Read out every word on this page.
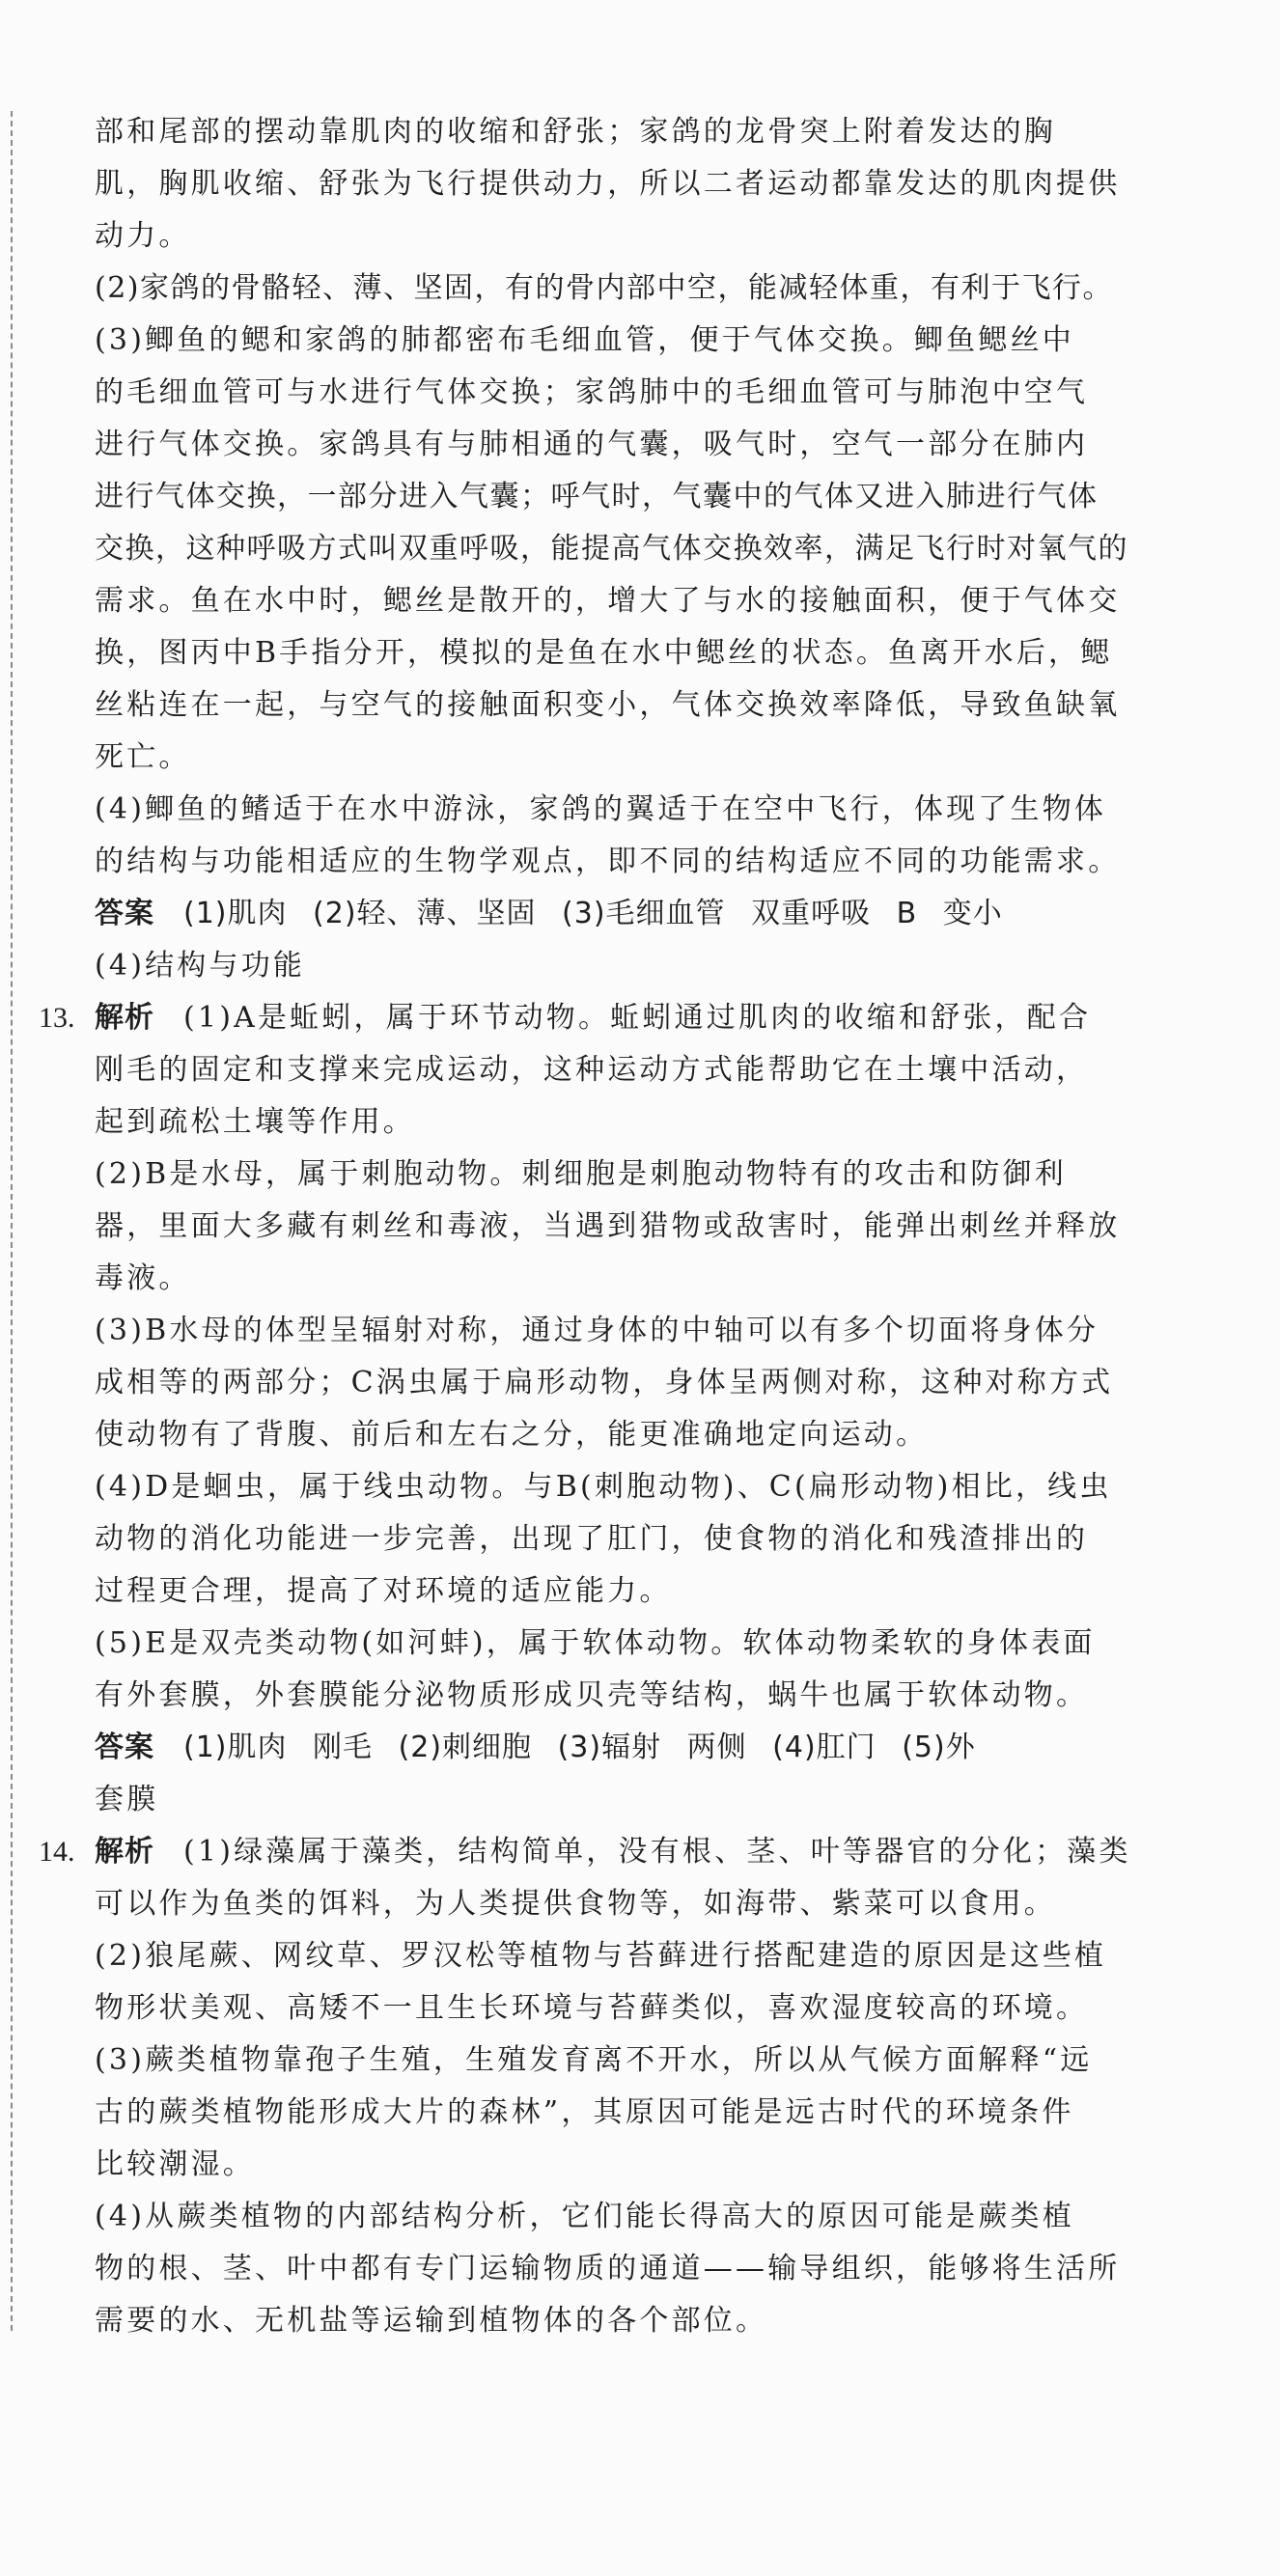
部和尾部的摆动靠肌肉的收缩和舒张；家鸽的龙骨突上附着发达的胸
肌，胸肌收缩、舒张为飞行提供动力，所以二者运动都靠发达的肌肉提供
动力。
(2)家鸽的骨骼轻、薄、坚固，有的骨内部中空，能减轻体重，有利于飞行。
(3)鲫鱼的鳃和家鸽的肺都密布毛细血管，便于气体交换。鲫鱼鳃丝中
的毛细血管可与水进行气体交换；家鸽肺中的毛细血管可与肺泡中空气
进行气体交换。家鸽具有与肺相通的气囊，吸气时，空气一部分在肺内
进行气体交换，一部分进入气囊；呼气时，气囊中的气体又进入肺进行气体
交换，这种呼吸方式叫双重呼吸，能提高气体交换效率，满足飞行时对氧气的
需求。鱼在水中时，鳃丝是散开的，增大了与水的接触面积，便于气体交
换，图丙中B手指分开，模拟的是鱼在水中鳃丝的状态。鱼离开水后，鳃
丝粘连在一起，与空气的接触面积变小，气体交换效率降低，导致鱼缺氧
死亡。
(4)鲫鱼的鳍适于在水中游泳，家鸽的翼适于在空中飞行，体现了生物体
的结构与功能相适应的生物学观点，即不同的结构适应不同的功能需求。
答案 (1)肌肉 (2)轻、薄、坚固 (3)毛细血管 双重呼吸 B 变小
(4)结构与功能
13. 解析 (1)A是蚯蚓，属于环节动物。蚯蚓通过肌肉的收缩和舒张，配合
刚毛的固定和支撑来完成运动，这种运动方式能帮助它在土壤中活动，
起到疏松土壤等作用。
(2)B是水母，属于刺胞动物。刺细胞是刺胞动物特有的攻击和防御利
器，里面大多藏有刺丝和毒液，当遇到猎物或敌害时，能弹出刺丝并释放
毒液。
(3)B水母的体型呈辐射对称，通过身体的中轴可以有多个切面将身体分
成相等的两部分；C涡虫属于扁形动物，身体呈两侧对称，这种对称方式
使动物有了背腹、前后和左右之分，能更准确地定向运动。
(4)D是蛔虫，属于线虫动物。与B(刺胞动物)、C(扁形动物)相比，线虫
动物的消化功能进一步完善，出现了肛门，使食物的消化和残渣排出的
过程更合理，提高了对环境的适应能力。
(5)E是双壳类动物(如河蚌)，属于软体动物。软体动物柔软的身体表面
有外套膜，外套膜能分泌物质形成贝壳等结构，蜗牛也属于软体动物。
答案 (1)肌肉 刚毛 (2)刺细胞 (3)辐射 两侧 (4)肛门 (5)外
套膜
14. 解析 (1)绿藻属于藻类，结构简单，没有根、茎、叶等器官的分化；藻类
可以作为鱼类的饵料，为人类提供食物等，如海带、紫菜可以食用。
(2)狼尾蕨、网纹草、罗汉松等植物与苔藓进行搭配建造的原因是这些植
物形状美观、高矮不一且生长环境与苔藓类似，喜欢湿度较高的环境。
(3)蕨类植物靠孢子生殖，生殖发育离不开水，所以从气候方面解释“远
古的蕨类植物能形成大片的森林”，其原因可能是远古时代的环境条件
比较潮湿。
(4)从蕨类植物的内部结构分析，它们能长得高大的原因可能是蕨类植
物的根、茎、叶中都有专门运输物质的通道——输导组织，能够将生活所
需要的水、无机盐等运输到植物体的各个部位。
